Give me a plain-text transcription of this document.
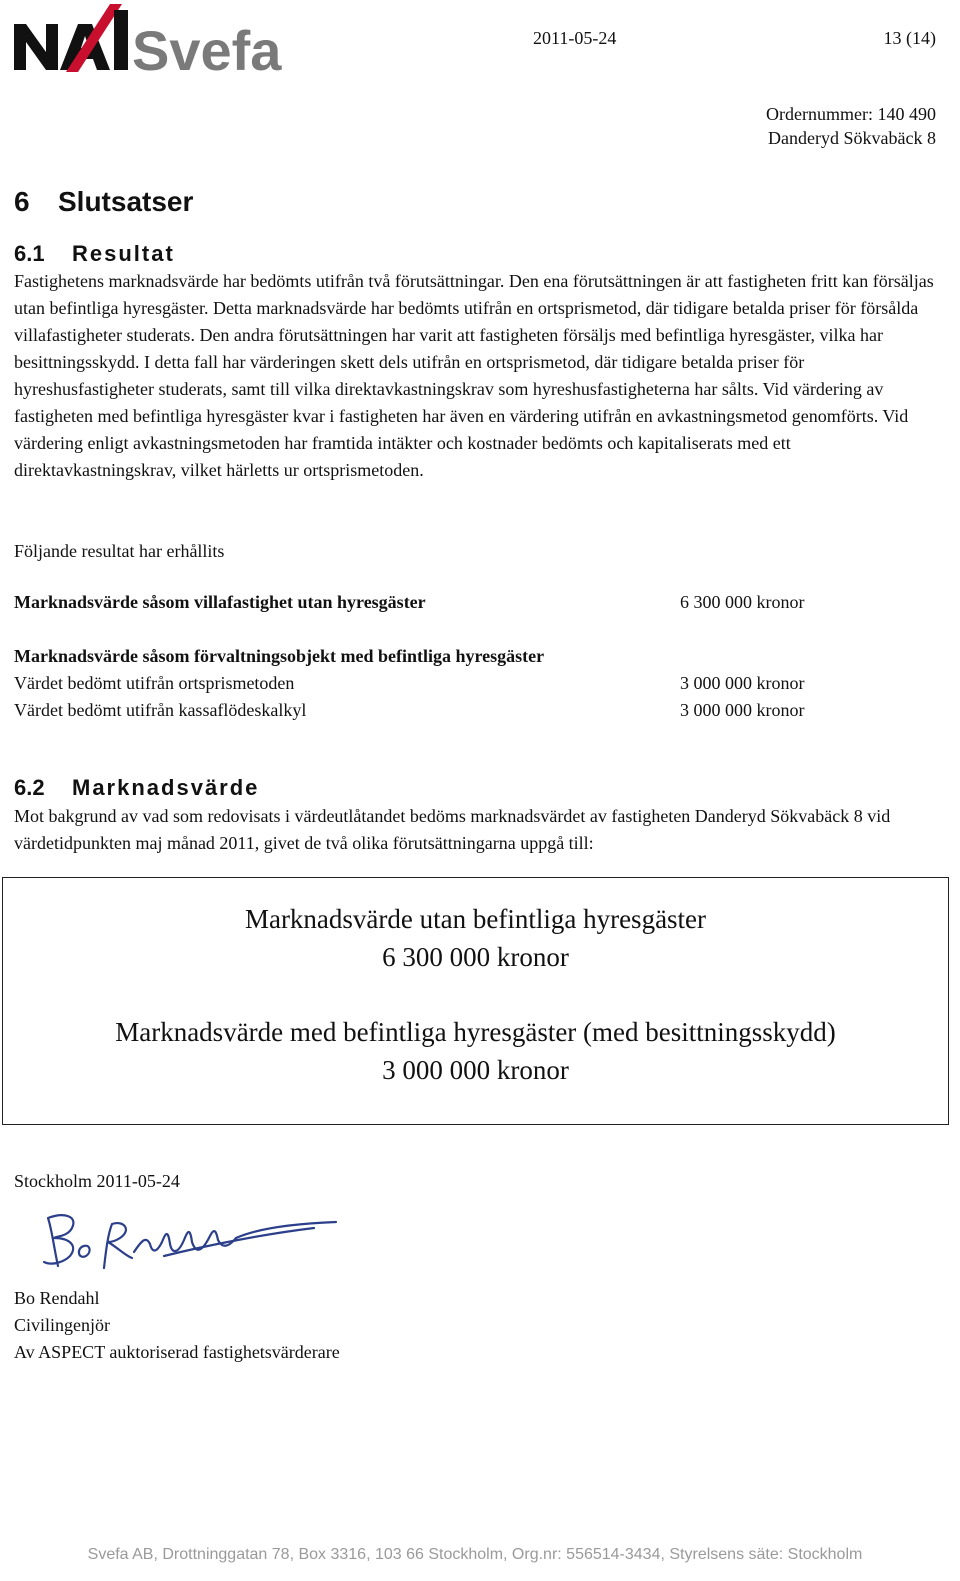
Svefa	2011-05-24	13 (14)
Ordernummer: 140 490
Danderyd Sökvabäck 8
6 Slutsatser
6.1 Resultat
Fastighetens marknadsvärde har bedömts utifrån två förutsättningar. Den ena förutsättningen är att fastigheten fritt kan försäljas utan befintliga hyresgäster. Detta marknadsvärde har bedömts utifrån en ortsprismetod, där tidigare betalda priser för försålda villafastigheter studerats. Den andra förutsättningen har varit att fastigheten försäljs med befintliga hyresgäster, vilka har besittningsskydd. I detta fall har värderingen skett dels utifrån en ortsprismetod, där tidigare betalda priser för hyreshusfastigheter studerats, samt till vilka direktavkastningskrav som hyreshusfastigheterna har sålts. Vid värdering av fastigheten med befintliga hyresgäster kvar i fastigheten har även en värdering utifrån en avkastningsmetod genomförts. Vid värdering enligt avkastningsmetoden har framtida intäkter och kostnader bedömts och kapitaliserats med ett direktavkastningskrav, vilket härletts ur ortsprismetoden.
Följande resultat har erhållits
Marknadsvärde såsom villafastighet utan hyresgäster	6 300 000 kronor
Marknadsvärde såsom förvaltningsobjekt med befintliga hyresgäster
Värdet bedömt utifrån ortsprismetoden	3 000 000 kronor
Värdet bedömt utifrån kassaflödeskalkyl	3 000 000 kronor
6.2 Marknadsvärde
Mot bakgrund av vad som redovisats i värdeutlåtandet bedöms marknadsvärdet av fastigheten Danderyd Sökvabäck 8 vid värdetidpunkten maj månad 2011, givet de två olika förutsättningarna uppgå till:
Marknadsvärde utan befintliga hyresgäster
6 300 000 kronor
Marknadsvärde med befintliga hyresgäster (med besittningsskydd)
3 000 000 kronor
Stockholm 2011-05-24
Bo Rendahl
Civilingenjör
Av ASPECT auktoriserad fastighetsvärderare
Svefa AB, Drottninggatan 78, Box 3316, 103 66 Stockholm, Org.nr: 556514-3434, Styrelsens säte: Stockholm
